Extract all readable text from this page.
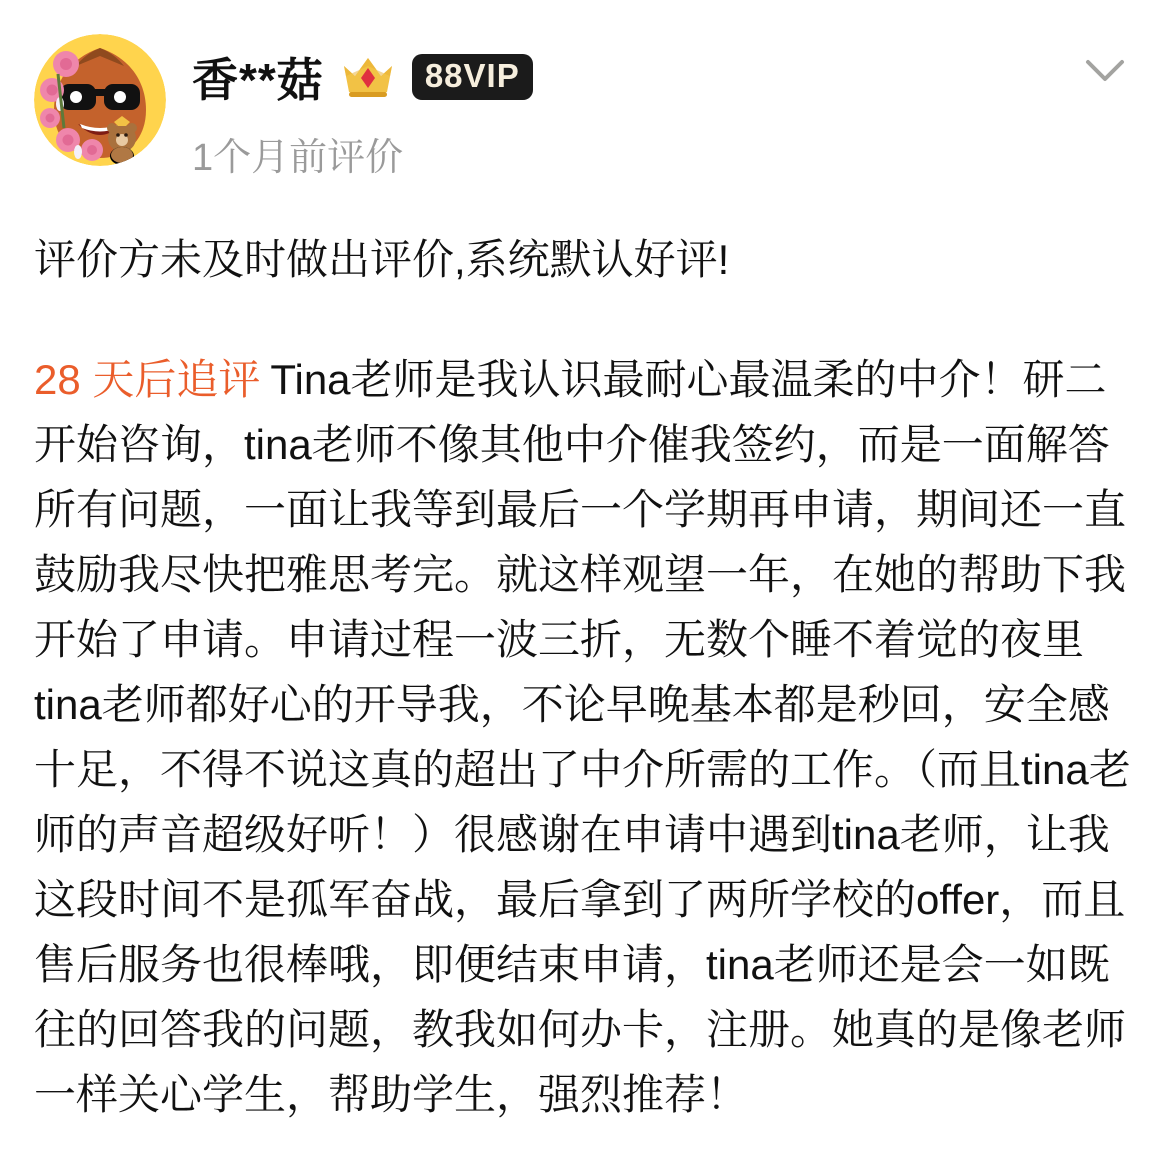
香**菇	88VIP
1个月前评价

评价方未及时做出评价,系统默认好评!

28 天后追评 Tina老师是我认识最耐心最温柔的中介！研二开始咨询，tina老师不像其他中介催我签约，而是一面解答所有问题，一面让我等到最后一个学期再申请，期间还一直鼓励我尽快把雅思考完。就这样观望一年，在她的帮助下我开始了申请。申请过程一波三折，无数个睡不着觉的夜里tina老师都好心的开导我，不论早晚基本都是秒回，安全感十足，不得不说这真的超出了中介所需的工作。（而且tina老师的声音超级好听！）很感谢在申请中遇到tina老师，让我这段时间不是孤军奋战，最后拿到了两所学校的offer，而且售后服务也很棒哦，即便结束申请，tina老师还是会一如既往的回答我的问题，教我如何办卡，注册。她真的是像老师一样关心学生，帮助学生，强烈推荐！
